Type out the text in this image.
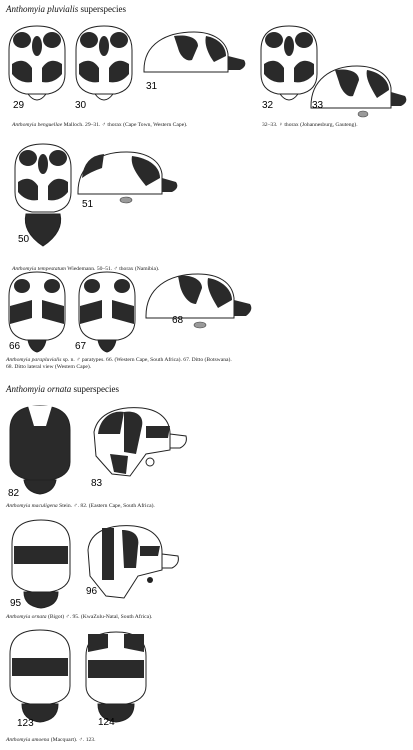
Anthomyia pluvialis superspecies
29	30
31
32	33
Anthomyia benguellae Malloch. 29–31. ♂ thorax (Cape Town, Western Cape).	32–33. ♀ thorax (Johannesburg, Gauteng).
50
51
Anthomyia tempestatum Wiedemann. 50–51. ♂ thorax (Namibia).
66	67
68
Anthomyia parapluvialis sp. n. ♂ paratypes. 66. (Western Cape, South Africa). 67. Ditto (Botswana).
68. Ditto lateral view (Western Cape).
Anthomyia ornata superspecies
82
83
Anthomyia maculigena Stein. ♂. 82. (Eastern Cape, South Africa).
95
96
Anthomyia ornata (Bigot) ♂. 95. (KwaZulu-Natal, South Africa).
123	124
Anthomyia amoena (Macquart). ♂. 123.
